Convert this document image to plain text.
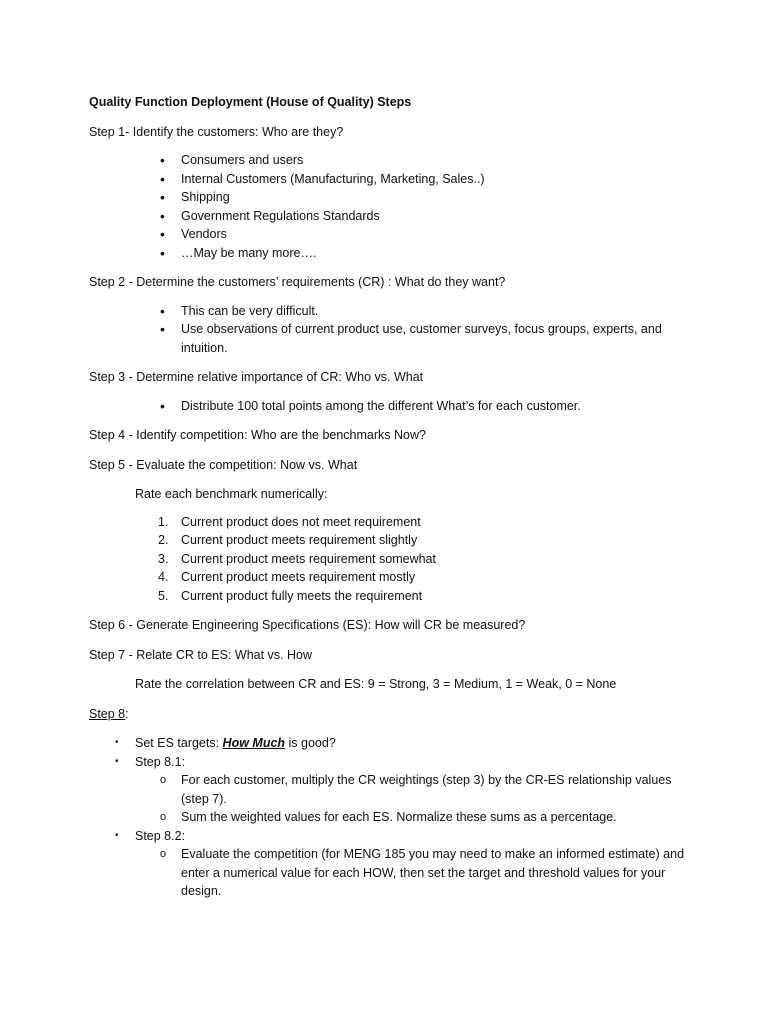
Quality Function Deployment (House of Quality) Steps
Step 1- Identify the customers: Who are they?
• Consumers and users
• Internal Customers (Manufacturing, Marketing, Sales..)
• Shipping
• Government Regulations Standards
• Vendors
• …May be many more….
Step 2 - Determine the customers’ requirements (CR) : What do they want?
• This can be very difficult.
• Use observations of current product use, customer surveys, focus groups, experts, and intuition.
Step 3 - Determine relative importance of CR: Who vs. What
• Distribute 100 total points among the different What’s for each customer.
Step 4 - Identify competition: Who are the benchmarks Now?
Step 5 - Evaluate the competition: Now vs. What
Rate each benchmark numerically:
1. Current product does not meet requirement
2. Current product meets requirement slightly
3. Current product meets requirement somewhat
4. Current product meets requirement mostly
5. Current product fully meets the requirement
Step 6 - Generate Engineering Specifications (ES): How will CR be measured?
Step 7 - Relate CR to ES: What vs. How
Rate the correlation between CR and ES: 9 = Strong, 3 = Medium, 1 = Weak, 0 = None
Step 8:
• Set ES targets: How Much is good?
• Step 8.1:
o For each customer, multiply the CR weightings (step 3) by the CR-ES relationship values (step 7).
o Sum the weighted values for each ES. Normalize these sums as a percentage.
• Step 8.2:
o Evaluate the competition (for MENG 185 you may need to make an informed estimate) and enter a numerical value for each HOW, then set the target and threshold values for your design.
